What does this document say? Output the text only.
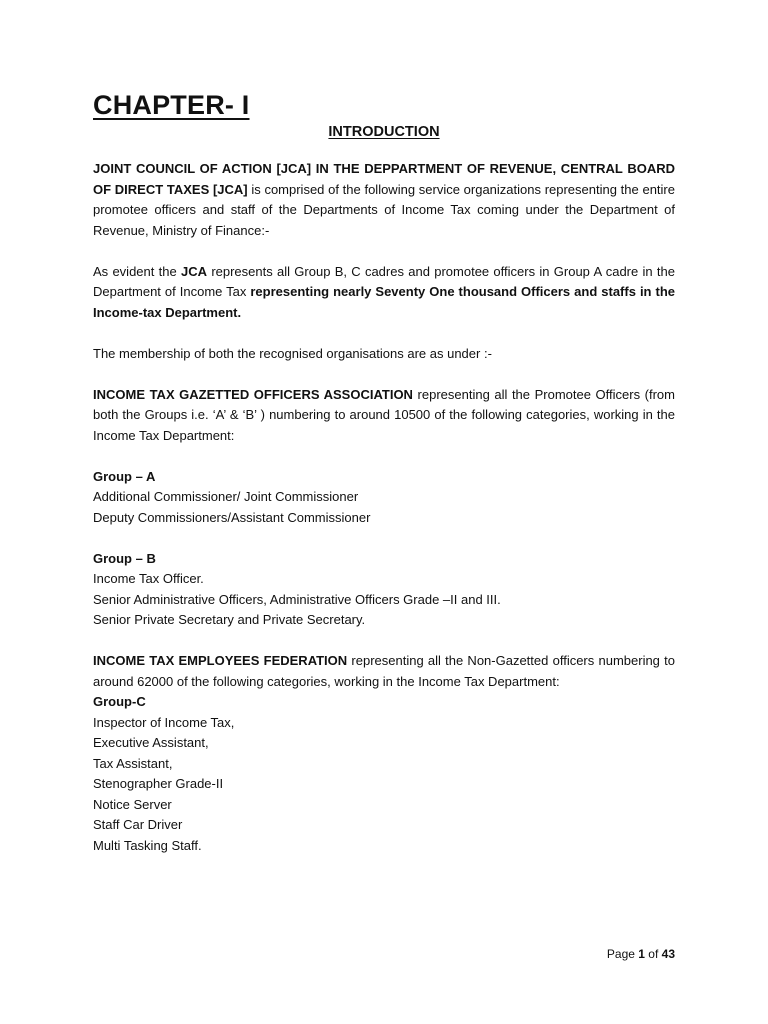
CHAPTER- I
INTRODUCTION

JOINT COUNCIL OF ACTION [JCA] IN THE DEPPARTMENT OF REVENUE, CENTRAL BOARD OF DIRECT TAXES [JCA] is comprised of the following service organizations representing the entire promotee officers and staff of the Departments of Income Tax coming under the Department of Revenue, Ministry of Finance:-

As evident the JCA represents all Group B, C cadres and promotee officers in Group A cadre in the Department of Income Tax representing nearly Seventy One thousand Officers and staffs in the Income-tax Department.

The membership of both the recognised organisations are as under :-

INCOME TAX GAZETTED OFFICERS ASSOCIATION representing all the Promotee Officers (from both the Groups i.e. ‘A’ & ‘B’ ) numbering to around 10500 of the following categories, working in the Income Tax Department:

Group – A
Additional Commissioner/ Joint Commissioner
Deputy Commissioners/Assistant Commissioner
Group – B
Income Tax Officer.
Senior Administrative Officers, Administrative Officers Grade –II and III.
Senior Private Secretary and Private Secretary.

INCOME TAX EMPLOYEES FEDERATION representing all the Non-Gazetted officers numbering to around 62000 of the following categories, working in the Income Tax Department:

Group-C
Inspector of Income Tax,
Executive Assistant,
Tax Assistant,
Stenographer Grade-II
Notice Server
Staff Car Driver
Multi Tasking Staff.
Page 1 of 43
